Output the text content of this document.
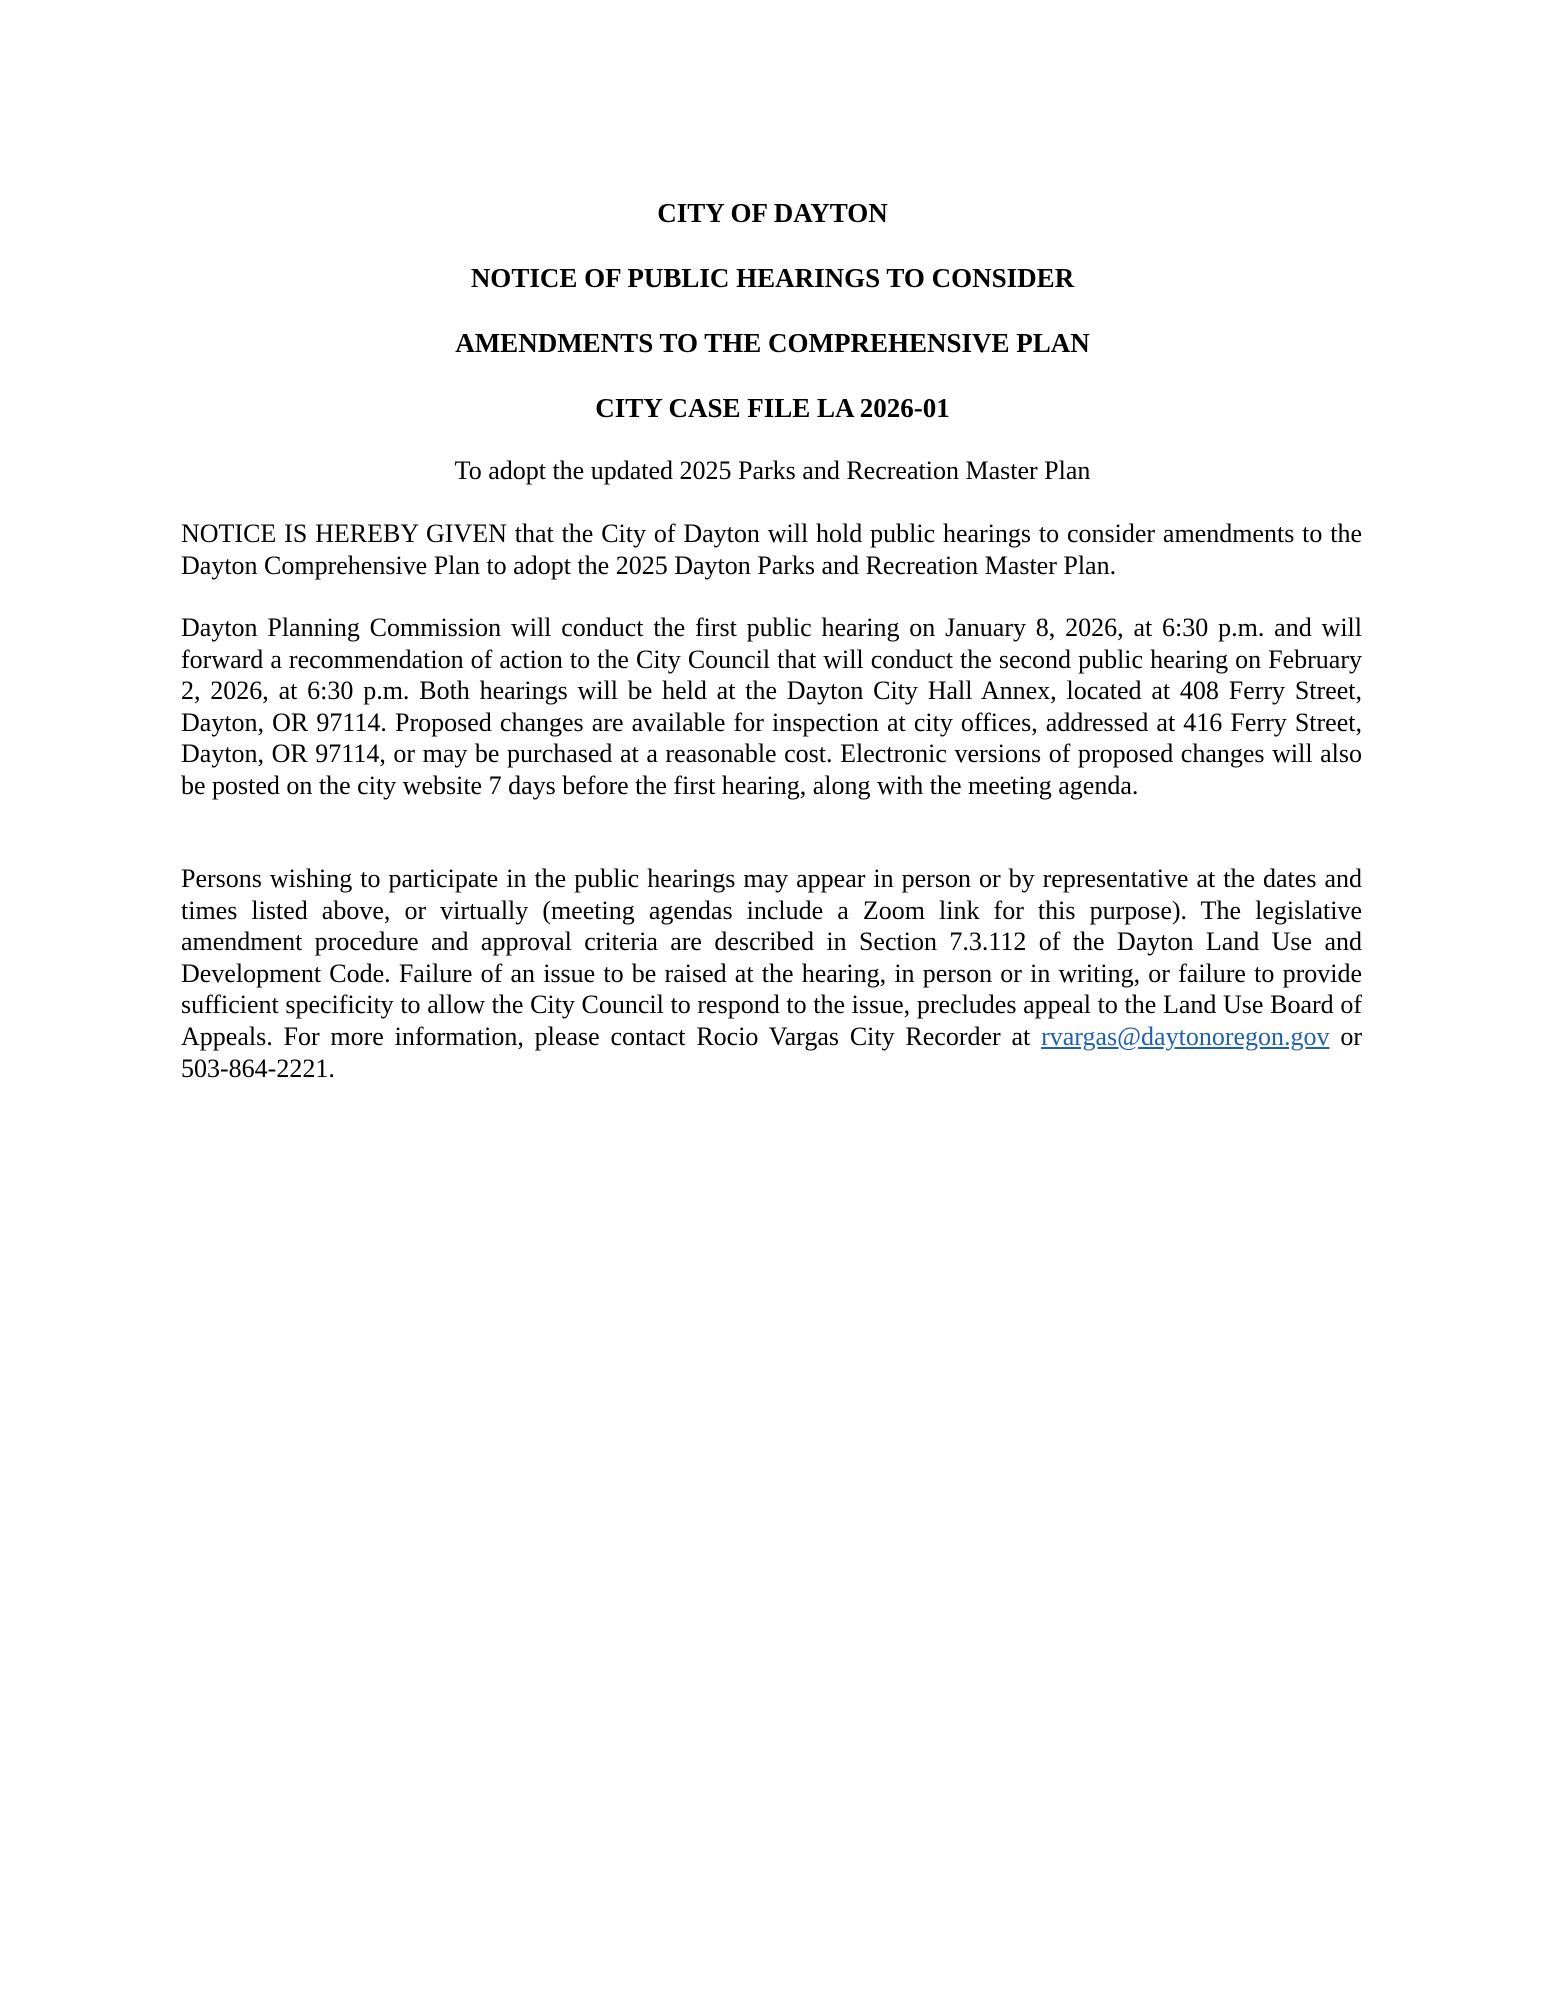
CITY OF DAYTON
NOTICE OF PUBLIC HEARINGS TO CONSIDER
AMENDMENTS TO THE COMPREHENSIVE PLAN
CITY CASE FILE LA 2026-01

To adopt the updated 2025 Parks and Recreation Master Plan

NOTICE IS HEREBY GIVEN that the City of Dayton will hold public hearings to consider amendments to the Dayton Comprehensive Plan to adopt the 2025 Dayton Parks and Recreation Master Plan.

Dayton Planning Commission will conduct the first public hearing on January 8, 2026, at 6:30 p.m. and will forward a recommendation of action to the City Council that will conduct the second public hearing on February 2, 2026, at 6:30 p.m. Both hearings will be held at the Dayton City Hall Annex, located at 408 Ferry Street, Dayton, OR 97114. Proposed changes are available for inspection at city offices, addressed at 416 Ferry Street, Dayton, OR 97114, or may be purchased at a reasonable cost. Electronic versions of proposed changes will also be posted on the city website 7 days before the first hearing, along with the meeting agenda.

Persons wishing to participate in the public hearings may appear in person or by representative at the dates and times listed above, or virtually (meeting agendas include a Zoom link for this purpose). The legislative amendment procedure and approval criteria are described in Section 7.3.112 of the Dayton Land Use and Development Code. Failure of an issue to be raised at the hearing, in person or in writing, or failure to provide sufficient specificity to allow the City Council to respond to the issue, precludes appeal to the Land Use Board of Appeals. For more information, please contact Rocio Vargas City Recorder at rvargas@daytonoregon.gov or 503-864-2221.
